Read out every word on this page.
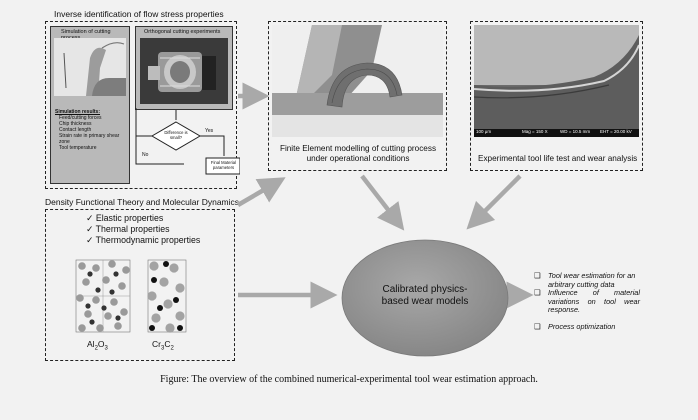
Inverse identification of flow stress properties
Simulation of cutting
Simulation results:
Feed/cutting forces
Chip thickness
Contact length
Strain rate in primary shear zone
Tool temperature
Orthogonal cutting experiments
Difference is small?
No
Yes
Final Material parameters
Finite Element modelling of cutting process under operational conditions
100 μm	Mag = 150 X	WD = 10.5 mm EHT = 20.00 kV
Experimental tool life test and wear analysis
Density Functional Theory and Molecular Dynamics
✓ Elastic properties
✓ Thermal properties
✓ Thermodynamic properties
$Al_2O_3$	$Cr_3C_2$
Calibrated physics-based wear models
❑ Tool wear estimation for an arbitrary cutting data
❑ Influence of material variations on tool wear response.
❑ Process optimization
Figure: The overview of the combined numerical-experimental tool wear estimation approach.
